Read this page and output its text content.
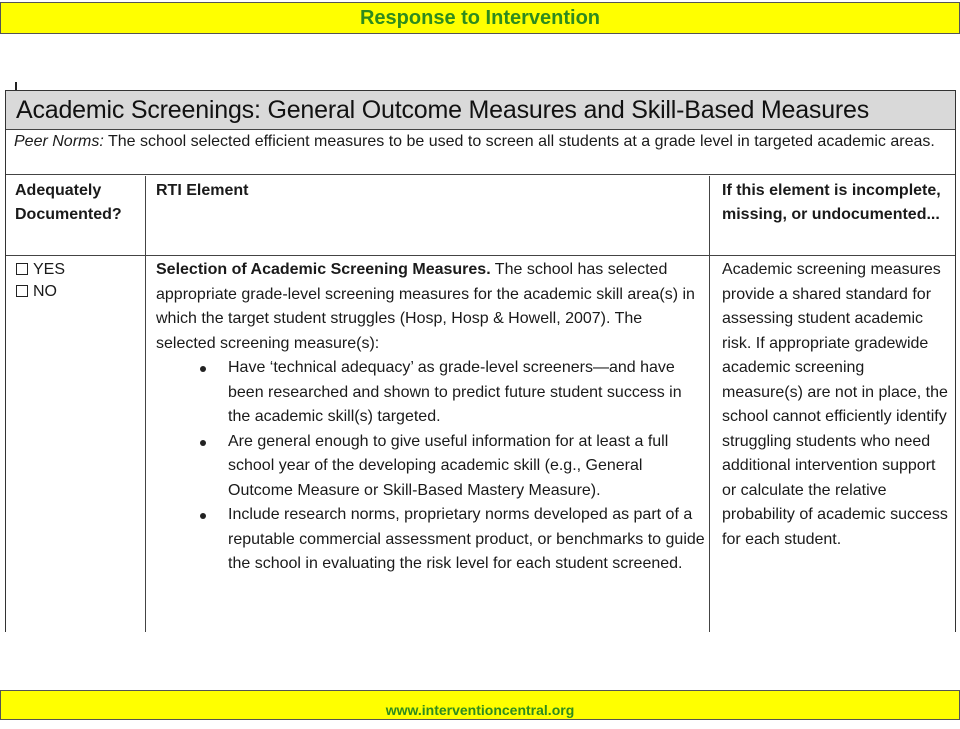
Response to Intervention
Academic Screenings: General Outcome Measures and Skill-Based Measures
Peer Norms: The school selected efficient measures to be used to screen all students at a grade level in targeted academic areas.
Adequately Documented?
RTI Element	If this element is incomplete, missing, or undocumented...
YES
NO
Selection of Academic Screening Measures. The school has selected appropriate grade-level screening measures for the academic skill area(s) in which the target student struggles (Hosp, Hosp & Howell, 2007). The selected screening measure(s):
Have ‘technical adequacy’ as grade-level screeners—and have been researched and shown to predict future student success in the academic skill(s) targeted.
Are general enough to give useful information for at least a full school year of the developing academic skill (e.g., General Outcome Measure or Skill-Based Mastery Measure).
Include research norms, proprietary norms developed as part of a reputable commercial assessment product, or benchmarks to guide the school in evaluating the risk level for each student screened.
Academic screening measures provide a shared standard for assessing student academic risk. If appropriate gradewide academic screening measure(s) are not in place, the school cannot efficiently identify struggling students who need additional intervention support or calculate the relative probability of academic success for each student.
www.interventioncentral.org
